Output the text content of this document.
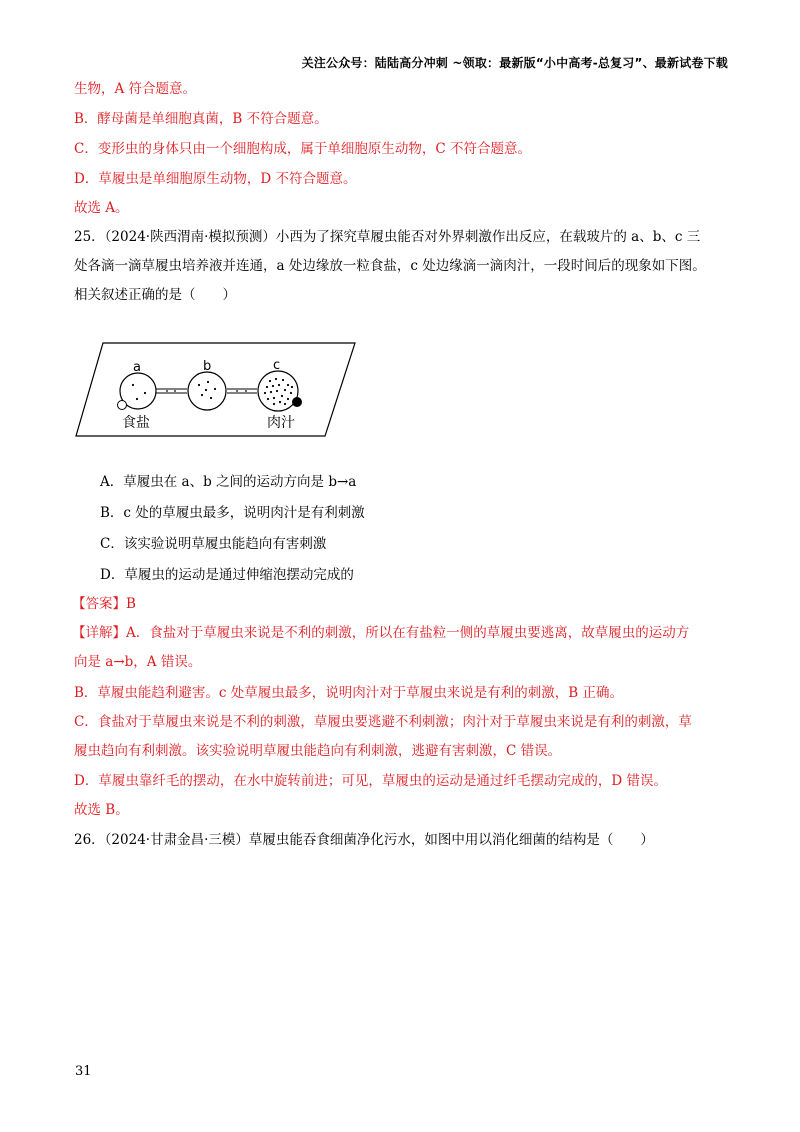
关注公众号：陆陆高分冲刺 ~领取：最新版“小中高考-总复习”、最新试卷下载
生物，A 符合题意。
B．酵母菌是单细胞真菌，B 不符合题意。
C．变形虫的身体只由一个细胞构成，属于单细胞原生动物，C 不符合题意。
D．草履虫是单细胞原生动物，D 不符合题意。
故选 A。
25．（2024·陕西渭南·模拟预测）小西为了探究草履虫能否对外界刺激作出反应，在载玻片的 a、b、c 三
处各滴一滴草履虫培养液并连通，a 处边缘放一粒食盐，c 处边缘滴一滴肉汁，一段时间后的现象如下图。
相关叙述正确的是（　　）
a	b	c
食盐	肉汁
A．草履虫在 a、b 之间的运动方向是 b→a
B．c 处的草履虫最多，说明肉汁是有利刺激
C．该实验说明草履虫能趋向有害刺激
D．草履虫的运动是通过伸缩泡摆动完成的
【答案】B
【详解】A．食盐对于草履虫来说是不利的刺激，所以在有盐粒一侧的草履虫要逃离，故草履虫的运动方
向是 a→b，A 错误。
B．草履虫能趋利避害。c 处草履虫最多，说明肉汁对于草履虫来说是有利的刺激，B 正确。
C．食盐对于草履虫来说是不利的刺激，草履虫要逃避不利刺激；肉汁对于草履虫来说是有利的刺激，草
履虫趋向有利刺激。该实验说明草履虫能趋向有利刺激，逃避有害刺激，C 错误。
D．草履虫靠纤毛的摆动，在水中旋转前进；可见，草履虫的运动是通过纤毛摆动完成的，D 错误。
故选 B。
26．（2024·甘肃金昌·三模）草履虫能吞食细菌净化污水，如图中用以消化细菌的结构是（　　）
31
